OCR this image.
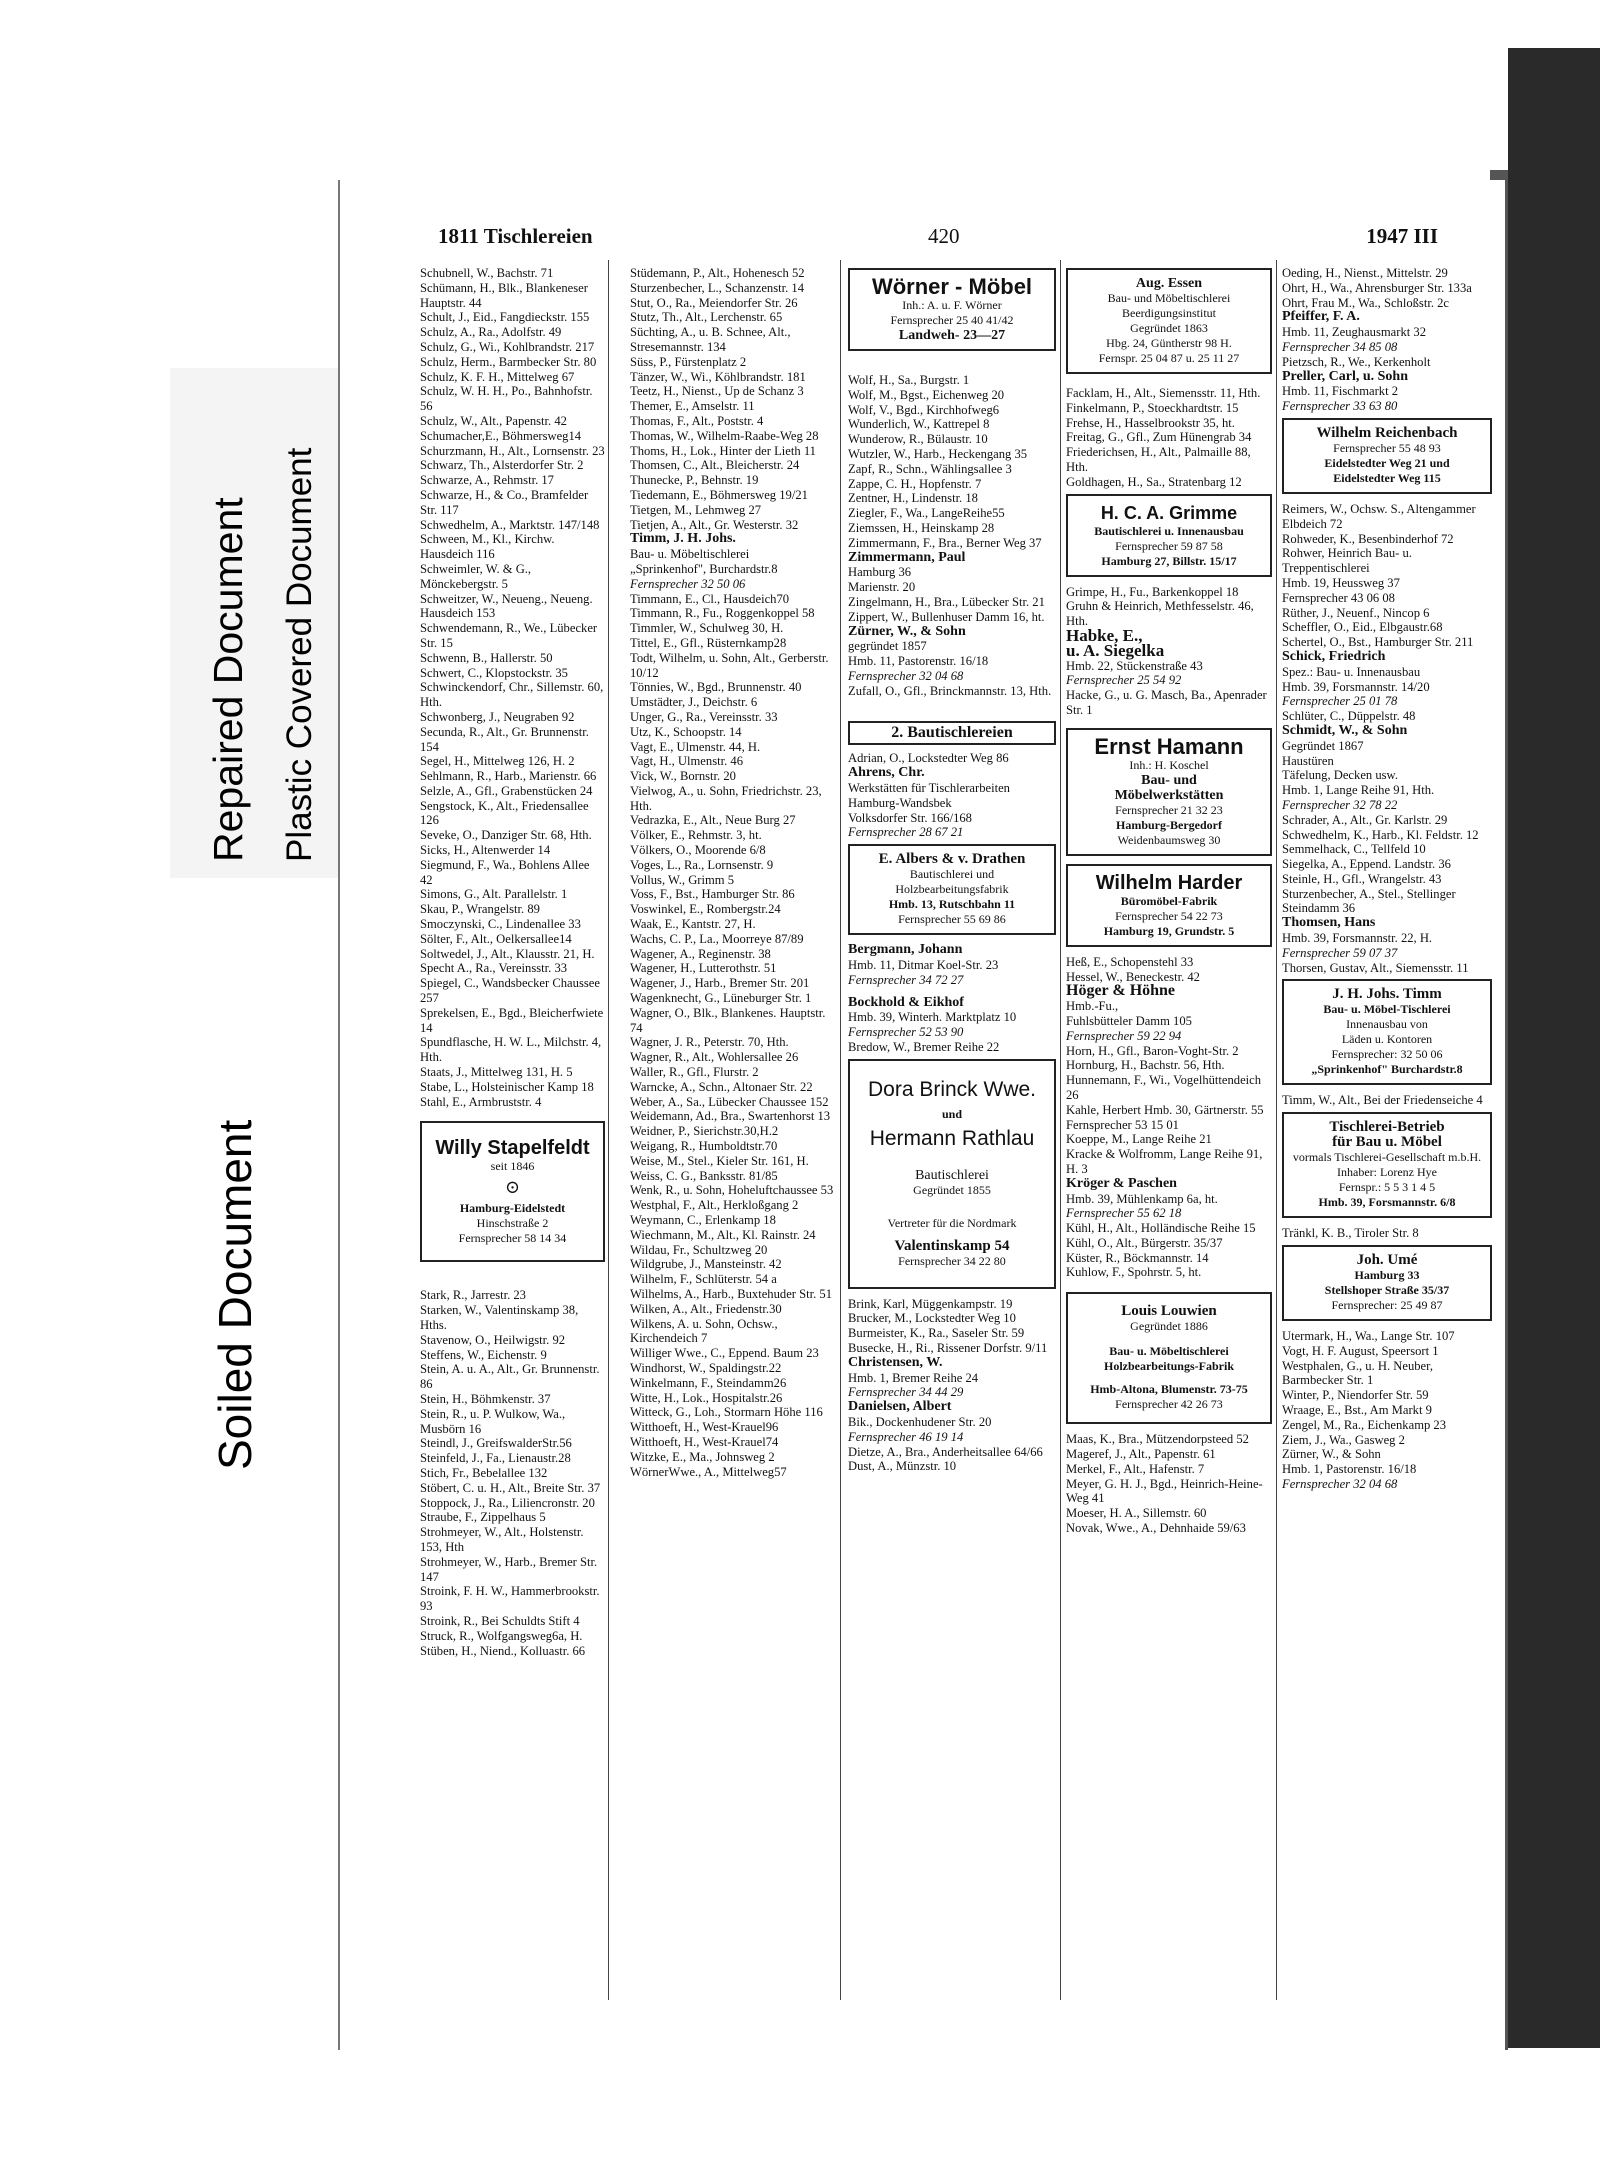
Repaired Document Plastic Covered Document
Soiled Document
1811 Tischlereien	420	1947 III
Schubnell, W., Bachstr. 71
Schümann, H., Blk., Blankeneser Hauptstr. 44
Schult, J., Eid., Fangdieckstr. 155
Schulz, A., Ra., Adolfstr. 49
Schulz, G., Wi., Kohlbrandstr. 217
Schulz, Herm., Barmbecker Str. 80
Schulz, K. F. H., Mittelweg 67
Schulz, W. H. H., Po., Bahnhofstr. 56
Schulz, W., Alt., Papenstr. 42
Schumacher,E., Böhmersweg14
Schurzmann, H., Alt., Lornsenstr. 23
Schwarz, Th., Alsterdorfer Str. 2
Schwarze, A., Rehmstr. 17
Schwarze, H., & Co., Bramfelder Str. 117
Schwedhelm, A., Marktstr. 147/148
Schween, M., Kl., Kirchw. Hausdeich 116
Schweimler, W. & G., Mönckebergstr. 5
Schweitzer, W., Neueng., Neueng. Hausdeich 153
Schwendemann, R., We., Lübecker Str. 15
Schwenn, B., Hallerstr. 50
Schwert, C., Klopstockstr. 35
Schwinckendorf, Chr., Sillemstr. 60, Hth.
Schwonberg, J., Neugraben 92
Secunda, R., Alt., Gr. Brunnenstr. 154
Segel, H., Mittelweg 126, H. 2
Sehlmann, R., Harb., Marienstr. 66
Selzle, A., Gfl., Grabenstücken 24
Sengstock, K., Alt., Friedensallee 126
Seveke, O., Danziger Str. 68, Hth.
Sicks, H., Altenwerder 14
Siegmund, F., Wa., Bohlens Allee 42
Simons, G., Alt. Parallelstr. 1
Skau, P., Wrangelstr. 89
Smoczynski, C., Lindenallee 33
Sölter, F., Alt., Oelkersallee14
Soltwedel, J., Alt., Klausstr. 21, H.
Specht A., Ra., Vereinsstr. 33
Spiegel, C., Wandsbecker Chaussee 257
Sprekelsen, E., Bgd., Bleicherfwiete 14
Spundflasche, H. W. L., Milchstr. 4, Hth.
Staats, J., Mittelweg 131, H. 5
Stabe, L., Holsteinischer Kamp 18
Stahl, E., Armbruststr. 4
Willy Stapelfeldt
seit 1846
⊙
Hamburg-Eidelstedt
Hinschstraße 2
Fernsprecher 58 14 34
Stark, R., Jarrestr. 23
Starken, W., Valentinskamp 38, Hths.
Stavenow, O., Heilwigstr. 92
Steffens, W., Eichenstr. 9
Stein, A. u. A., Alt., Gr. Brunnenstr. 86
Stein, H., Böhmkenstr. 37
Stein, R., u. P. Wulkow, Wa., Musbörn 16
Steindl, J., GreifswalderStr.56
Steinfeld, J., Fa., Lienaustr.28
Stich, Fr., Bebelallee 132
Stöbert, C. u. H., Alt., Breite Str. 37
Stoppock, J., Ra., Liliencronstr. 20
Straube, F., Zippelhaus 5
Strohmeyer, W., Alt., Holstenstr. 153, Hth
Strohmeyer, W., Harb., Bremer Str. 147
Stroink, F. H. W., Hammerbrookstr. 93
Stroink, R., Bei Schuldts Stift 4
Struck, R., Wolfgangsweg6a, H.
Stüben, H., Niend., Kolluastr. 66
Stüdemann, P., Alt., Hohenesch 52
Sturzenbecher, L., Schanzenstr. 14
Stut, O., Ra., Meiendorfer Str. 26
Stutz, Th., Alt., Lerchenstr. 65
Süchting, A., u. B. Schnee, Alt., Stresemannstr. 134
Süss, P., Fürstenplatz 2
Tänzer, W., Wi., Köhlbrandstr. 181
Teetz, H., Nienst., Up de Schanz 3
Themer, E., Amselstr. 11
Thomas, F., Alt., Poststr. 4
Thomas, W., Wilhelm-Raabe-Weg 28
Thoms, H., Lok., Hinter der Lieth 11
Thomsen, C., Alt., Bleicherstr. 24
Thunecke, P., Behnstr. 19
Tiedemann, E., Böhmersweg 19/21
Tietgen, M., Lehmweg 27
Tietjen, A., Alt., Gr. Westerstr. 32
Timm, J. H. Johs.
Bau- u. Möbeltischlerei
„Sprinkenhof", Burchardstr.8
Fernsprecher 32 50 06
Timmann, E., Cl., Hausdeich70
Timmann, R., Fu., Roggenkoppel 58
Timmler, W., Schulweg 30, H.
Tittel, E., Gfl., Rüsternkamp28
Todt, Wilhelm, u. Sohn, Alt., Gerberstr. 10/12
Tönnies, W., Bgd., Brunnenstr. 40
Umstädter, J., Deichstr. 6
Unger, G., Ra., Vereinsstr. 33
Utz, K., Schoopstr. 14
Vagt, E., Ulmenstr. 44, H.
Vagt, H., Ulmenstr. 46
Vick, W., Bornstr. 20
Vielwog, A., u. Sohn, Friedrichstr. 23, Hth.
Vedrazka, E., Alt., Neue Burg 27
Völker, E., Rehmstr. 3, ht.
Völkers, O., Moorende 6/8
Voges, L., Ra., Lornsenstr. 9
Vollus, W., Grimm 5
Voss, F., Bst., Hamburger Str. 86
Voswinkel, E., Rombergstr.24
Waak, E., Kantstr. 27, H.
Wachs, C. P., La., Moorreye 87/89
Wagener, A., Reginenstr. 38
Wagener, H., Lutterothstr. 51
Wagener, J., Harb., Bremer Str. 201
Wagenknecht, G., Lüneburger Str. 1
Wagner, O., Blk., Blankenes. Hauptstr. 74
Wagner, J. R., Peterstr. 70, Hth.
Wagner, R., Alt., Wohlersallee 26
Waller, R., Gfl., Flurstr. 2
Warncke, A., Schn., Altonaer Str. 22
Weber, A., Sa., Lübecker Chaussee 152
Weidemann, Ad., Bra., Swartenhorst 13
Weidner, P., Sierichstr.30,H.2
Weigang, R., Humboldtstr.70
Weise, M., Stel., Kieler Str. 161, H.
Weiss, C. G., Banksstr. 81/85
Wenk, R., u. Sohn, Hoheluftchaussee 53
Westphal, F., Alt., Herkloßgang 2
Weymann, C., Erlenkamp 18
Wiechmann, M., Alt., Kl. Rainstr. 24
Wildau, Fr., Schultzweg 20
Wildgrube, J., Mansteinstr. 42
Wilhelm, F., Schlüterstr. 54 a
Wilhelms, A., Harb., Buxtehuder Str. 51
Wilken, A., Alt., Friedenstr.30
Wilkens, A. u. Sohn, Ochsw., Kirchendeich 7
Williger Wwe., C., Eppend. Baum 23
Windhorst, W., Spaldingstr.22
Winkelmann, F., Steindamm26
Witte, H., Lok., Hospitalstr.26
Witteck, G., Loh., Stormarn Höhe 116
Witthoeft, H., West-Krauel96
Witthoeft, H., West-Krauel74
Witzke, E., Ma., Johnsweg 2
WörnerWwe., A., Mittelweg57
Wörner - Möbel
Inh.: A. u. F. Wörner
Fernsprecher 25 40 41/42
Landweh- 23—27
Wolf, H., Sa., Burgstr. 1
Wolf, M., Bgst., Eichenweg 20
Wolf, V., Bgd., Kirchhofweg6
Wunderlich, W., Kattrepel 8
Wunderow, R., Bülaustr. 10
Wutzler, W., Harb., Heckengang 35
Zapf, R., Schn., Wählingsallee 3
Zappe, C. H., Hopfenstr. 7
Zentner, H., Lindenstr. 18
Ziegler, F., Wa., LangeReihe55
Ziemssen, H., Heinskamp 28
Zimmermann, F., Bra., Berner Weg 37
Zimmermann, Paul
Hamburg 36
Marienstr. 20
Zingelmann, H., Bra., Lübecker Str. 21
Zippert, W., Bullenhuser Damm 16, ht.
Zürner, W., & Sohn
gegründet 1857
Hmb. 11, Pastorenstr. 16/18
Fernsprecher 32 04 68
Zufall, O., Gfl., Brinckmannstr. 13, Hth.
2. Bautischlereien
Adrian, O., Lockstedter Weg 86
Ahrens, Chr.
Werkstätten für Tischlerarbeiten
Hamburg-Wandsbek
Volksdorfer Str. 166/168
Fernsprecher 28 67 21
E. Albers & v. Drathen
Bautischlerei und Holzbearbeitungsfabrik
Hmb. 13, Rutschbahn 11
Fernsprecher 55 69 86
Bergmann, Johann
Hmb. 11, Ditmar Koel-Str. 23
Fernsprecher 34 72 27
Bockhold & Eikhof
Hmb. 39, Winterh. Marktplatz 10
Fernsprecher 52 53 90
Bredow, W., Bremer Reihe 22
Dora Brinck Wwe.
und
Hermann Rathlau
Bautischlerei
Gegründet 1855
Vertreter für die Nordmark
Valentinskamp 54
Fernsprecher 34 22 80
Brink, Karl, Müggenkampstr. 19
Brucker, M., Lockstedter Weg 10
Burmeister, K., Ra., Saseler Str. 59
Busecke, H., Ri., Rissener Dorfstr. 9/11
Christensen, W.
Hmb. 1, Bremer Reihe 24
Fernsprecher 34 44 29
Danielsen, Albert
Bik., Dockenhudener Str. 20
Fernsprecher 46 19 14
Dietze, A., Bra., Anderheitsallee 64/66
Dust, A., Münzstr. 10
Aug. Essen
Bau- und Möbeltischlerei
Beerdigungsinstitut
Gegründet 1863
Hbg. 24, Güntherstr 98 H.
Fernspr. 25 04 87 u. 25 11 27
Facklam, H., Alt., Siemensstr. 11, Hth.
Finkelmann, P., Stoeckhardtstr. 15
Frehse, H., Hasselbrookstr 35, ht.
Freitag, G., Gfl., Zum Hünengrab 34
Friederichsen, H., Alt., Palmaille 88, Hth.
Goldhagen, H., Sa., Stratenbarg 12
H. C. A. Grimme
Bautischlerei u. Innenausbau
Fernsprecher 59 87 58
Hamburg 27, Billstr. 15/17
Grimpe, H., Fu., Barkenkoppel 18
Gruhn & Heinrich, Methfesselstr. 46, Hth.
Habke, E.,
u. A. Siegelka
Hmb. 22, Stückenstraße 43
Fernsprecher 25 54 92
Hacke, G., u. G. Masch, Ba., Apenrader Str. 1
Ernst Hamann
Inh.: H. Koschel
Bau- und
Möbelwerkstätten
Fernsprecher 21 32 23
Hamburg-Bergedorf
Weidenbaumsweg 30
Wilhelm Harder
Büromöbel-Fabrik
Fernsprecher 54 22 73
Hamburg 19, Grundstr. 5
Heß, E., Schopenstehl 33
Hessel, W., Beneckestr. 42
Höger & Höhne
Hmb.-Fu.,
Fuhlsbütteler Damm 105
Fernsprecher 59 22 94
Horn, H., Gfl., Baron-Voght-Str. 2
Hornburg, H., Bachstr. 56, Hth.
Hunnemann, F., Wi., Vogelhüttendeich 26
Kahle, Herbert Hmb. 30, Gärtnerstr. 55
Fernsprecher 53 15 01
Koeppe, M., Lange Reihe 21
Kracke & Wolfromm, Lange Reihe 91, H. 3
Kröger & Paschen
Hmb. 39, Mühlenkamp 6a, ht.
Fernsprecher 55 62 18
Kühl, H., Alt., Holländische Reihe 15
Kühl, O., Alt., Bürgerstr. 35/37
Küster, R., Böckmannstr. 14
Kuhlow, F., Spohrstr. 5, ht.
Louis Louwien
Gegründet 1886
Bau- u. Möbeltischlerei
Holzbearbeitungs-Fabrik
Hmb-Altona, Blumenstr. 73-75
Fernsprecher 42 26 73
Maas, K., Bra., Mützendorpsteed 52
Mageref, J., Alt., Papenstr. 61
Merkel, F., Alt., Hafenstr. 7
Meyer, G. H. J., Bgd., Heinrich-Heine-Weg 41
Moeser, H. A., Sillemstr. 60
Novak, Wwe., A., Dehnhaide 59/63
Oeding, H., Nienst., Mittelstr. 29
Ohrt, H., Wa., Ahrensburger Str. 133a
Ohrt, Frau M., Wa., Schloßstr. 2c
Pfeiffer, F. A.
Hmb. 11, Zeughausmarkt 32
Fernsprecher 34 85 08
Pietzsch, R., We., Kerkenholt
Preller, Carl, u. Sohn
Hmb. 11, Fischmarkt 2
Fernsprecher 33 63 80
Wilhelm Reichenbach
Fernsprecher 55 48 93
Eidelstedter Weg 21 und
Eidelstedter Weg 115
Reimers, W., Ochsw. S., Altengammer Elbdeich 72
Rohweder, K., Besenbinderhof 72
Rohwer, Heinrich Bau- u. Treppentischlerei
Hmb. 19, Heussweg 37
Fernsprecher 43 06 08
Rüther, J., Neuenf., Nincop 6
Scheffler, O., Eid., Elbgaustr.68
Schertel, O., Bst., Hamburger Str. 211
Schick, Friedrich
Spez.: Bau- u. Innenausbau
Hmb. 39, Forsmannstr. 14/20
Fernsprecher 25 01 78
Schlüter, C., Düppelstr. 48
Schmidt, W., & Sohn
Gegründet 1867
Haustüren
Täfelung, Decken usw.
Hmb. 1, Lange Reihe 91, Hth.
Fernsprecher 32 78 22
Schrader, A., Alt., Gr. Karlstr. 29
Schwedhelm, K., Harb., Kl. Feldstr. 12
Semmelhack, C., Tellfeld 10
Siegelka, A., Eppend. Landstr. 36
Steinle, H., Gfl., Wrangelstr. 43
Sturzenbecher, A., Stel., Stellinger Steindamm 36
Thomsen, Hans
Hmb. 39, Forsmannstr. 22, H.
Fernsprecher 59 07 37
Thorsen, Gustav, Alt., Siemensstr. 11
J. H. Johs. Timm
Bau- u. Möbel-Tischlerei
Innenausbau von
Läden u. Kontoren
Fernsprecher: 32 50 06
„Sprinkenhof" Burchardstr.8
Timm, W., Alt., Bei der Friedenseiche 4
Tischlerei-Betrieb
für Bau u. Möbel
vormals Tischlerei-Gesellschaft m.b.H.
Inhaber: Lorenz Hye
Fernspr.: 5 5 3 1 4 5
Hmb. 39, Forsmannstr. 6/8
Tränkl, K. B., Tiroler Str. 8
Joh. Umé
Hamburg 33
Stellshoper Straße 35/37
Fernsprecher: 25 49 87
Utermark, H., Wa., Lange Str. 107
Vogt, H. F. August, Speersort 1
Westphalen, G., u. H. Neuber, Barmbecker Str. 1
Winter, P., Niendorfer Str. 59
Wraage, E., Bst., Am Markt 9
Zengel, M., Ra., Eichenkamp 23
Ziem, J., Wa., Gasweg 2
Zürner, W., & Sohn
Hmb. 1, Pastorenstr. 16/18
Fernsprecher 32 04 68
